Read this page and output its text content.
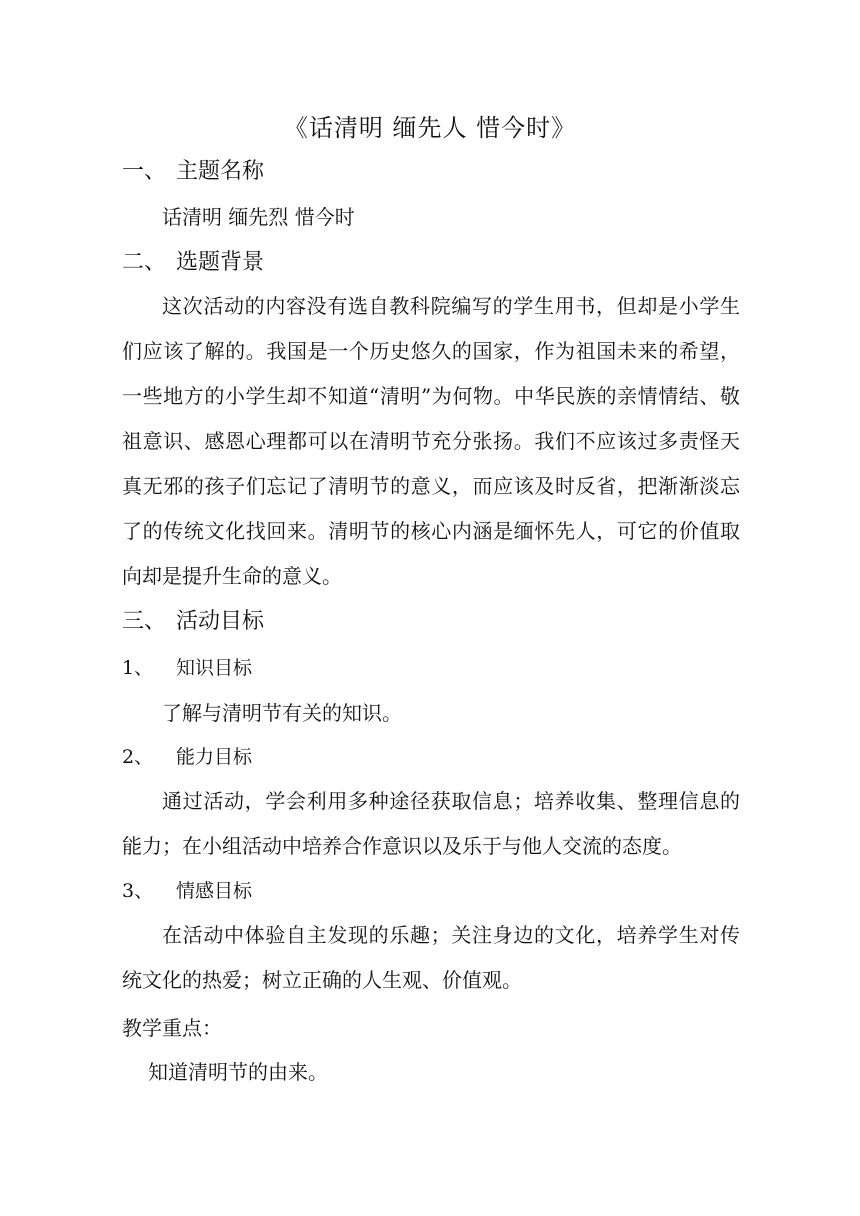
《话清明 缅先人 惜今时》
一、 主题名称
话清明 缅先烈 惜今时
二、 选题背景
这次活动的内容没有选自教科院编写的学生用书，但却是小学生们应该了解的。我国是一个历史悠久的国家，作为祖国未来的希望，一些地方的小学生却不知道“清明”为何物。中华民族的亲情情结、敬祖意识、感恩心理都可以在清明节充分张扬。我们不应该过多责怪天真无邪的孩子们忘记了清明节的意义，而应该及时反省，把渐渐淡忘了的传统文化找回来。清明节的核心内涵是缅怀先人，可它的价值取向却是提升生命的意义。
三、 活动目标
1、 知识目标
了解与清明节有关的知识。
2、 能力目标
通过活动，学会利用多种途径获取信息；培养收集、整理信息的能力；在小组活动中培养合作意识以及乐于与他人交流的态度。
3、 情感目标
在活动中体验自主发现的乐趣；关注身边的文化，培养学生对传统文化的热爱；树立正确的人生观、价值观。
教学重点：
知道清明节的由来。
